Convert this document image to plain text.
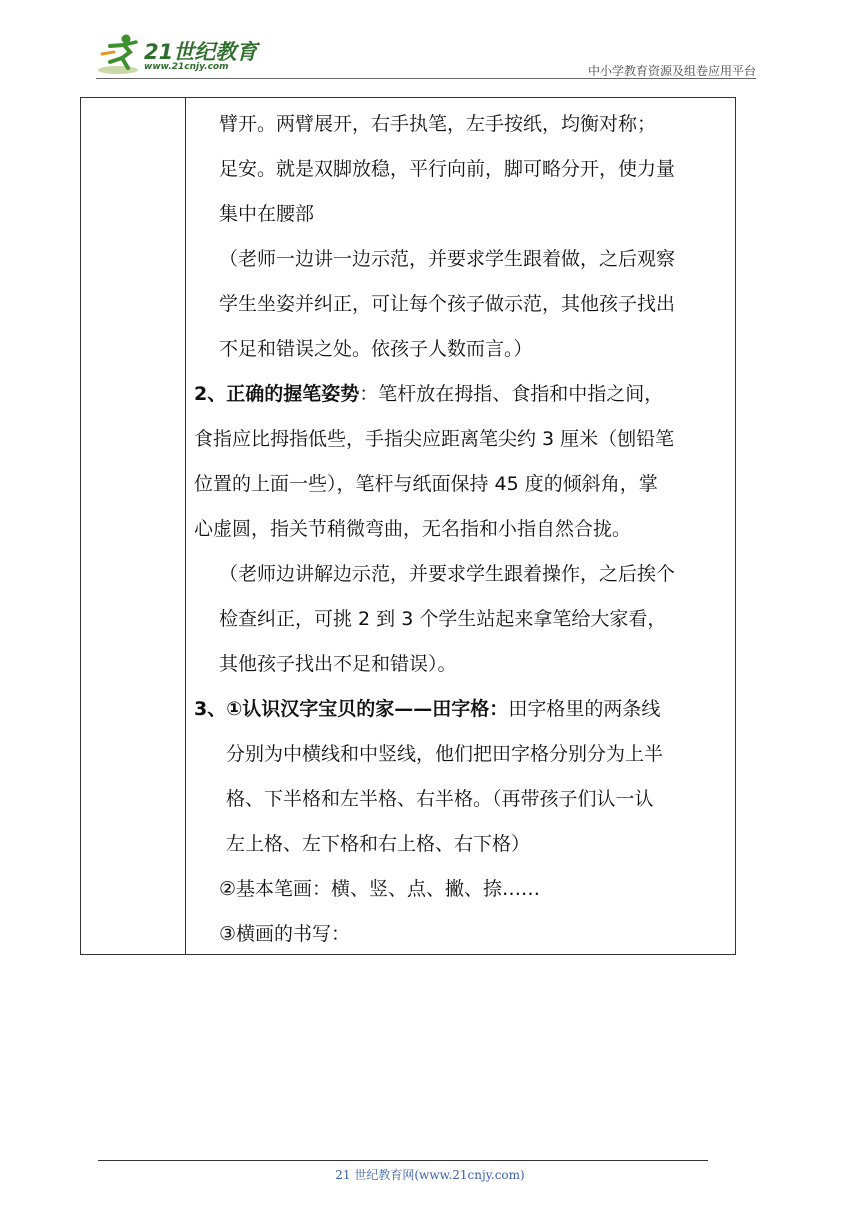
21世纪教育
www.21cnjy.com	中小学教育资源及组卷应用平台
臂开。两臂展开，右手执笔，左手按纸，均衡对称；
足安。就是双脚放稳，平行向前，脚可略分开，使力量
集中在腰部
（老师一边讲一边示范，并要求学生跟着做，之后观察
学生坐姿并纠正，可让每个孩子做示范，其他孩子找出
不足和错误之处。依孩子人数而言。）
2、正确的握笔姿势：笔杆放在拇指、食指和中指之间，
食指应比拇指低些，手指尖应距离笔尖约 3 厘米（刨铅笔
位置的上面一些），笔杆与纸面保持 45 度的倾斜角，掌
心虚圆，指关节稍微弯曲，无名指和小指自然合拢。
（老师边讲解边示范，并要求学生跟着操作，之后挨个
检查纠正，可挑 2 到 3 个学生站起来拿笔给大家看，
其他孩子找出不足和错误）。
3、①认识汉字宝贝的家——田字格：田字格里的两条线
分别为中横线和中竖线，他们把田字格分别分为上半
格、下半格和左半格、右半格。（再带孩子们认一认
左上格、左下格和右上格、右下格）
②基本笔画：横、竖、点、撇、捺……
③横画的书写：
21 世纪教育网(www.21cnjy.com)
